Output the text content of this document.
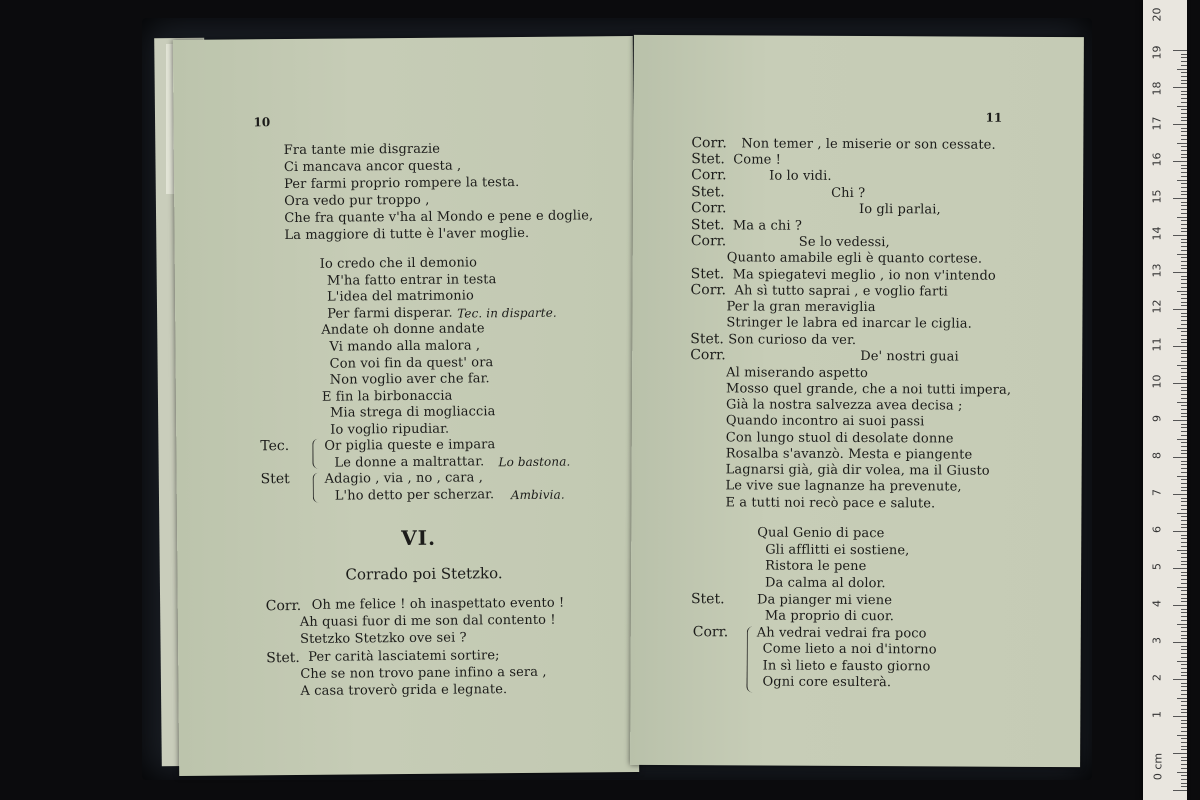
10
Fra tante mie disgrazie
Ci mancava ancor questa ,
Per farmi proprio rompere la testa.
Ora vedo pur troppo ,
Che fra quante v'ha al Mondo e pene e doglie,
La maggiore di tutte è l'aver moglie.
Io credo che il demonio
M'ha fatto entrar in testa
L'idea del matrimonio
Per farmi disperar. Tec. in disparte.
Andate oh donne andate
Vi mando alla malora ,
Con voi fin da quest' ora
Non voglio aver che far.
E fin la birbonaccia
Mia strega di mogliaccia
Io voglio ripudiar.
Tec.	Or piglia queste e impara
Le donne a maltrattar. Lo bastona.
Stet	Adagio , via , no , cara ,
L'ho detto per scherzar. Ambivia.
VI.
Corrado poi Stetzko.
Corr. Oh me felice ! oh inaspettato evento !
Ah quasi fuor di me son dal contento !
Stetzko Stetzko ove sei ?
Stet. Per carità lasciatemi sortire;
Che se non trovo pane infino a sera ,
A casa troverò grida e legnate.
11
Corr. Non temer , le miserie or son cessate.
Stet. Come !
Corr.	Io lo vidi.
Stet.	Chi ?
Corr.	Io gli parlai,
Stet. Ma a chi ?
Corr.	Se lo vedessi,
Quanto amabile egli è quanto cortese.
Stet. Ma spiegatevi meglio , io non v'intendo
Corr. Ah sì tutto saprai , e voglio farti
Per la gran meraviglia
Stringer le labra ed inarcar le ciglia.
Stet. Son curioso da ver.
Corr.	De' nostri guai
Al miserando aspetto
Mosso quel grande, che a noi tutti impera,
Già la nostra salvezza avea decisa ;
Quando incontro ai suoi passi
Con lungo stuol di desolate donne
Rosalba s'avanzò. Mesta e piangente
Lagnarsi già, già dir volea, ma il Giusto
Le vive sue lagnanze ha prevenute,
E a tutti noi recò pace e salute.
Qual Genio di pace
Gli afflitti ei sostiene,
Ristora le pene
Da calma al dolor.
Stet. Da pianger mi viene
Ma proprio di cuor.
Corr. Ah vedrai vedrai fra poco
Come lieto a noi d'intorno
In sì lieto e fausto giorno
Ogni core esulterà.
20
19
18
17
16
15
14
13
12
11
10
9
8
7
6
5
4
3
2
1
0 cm
